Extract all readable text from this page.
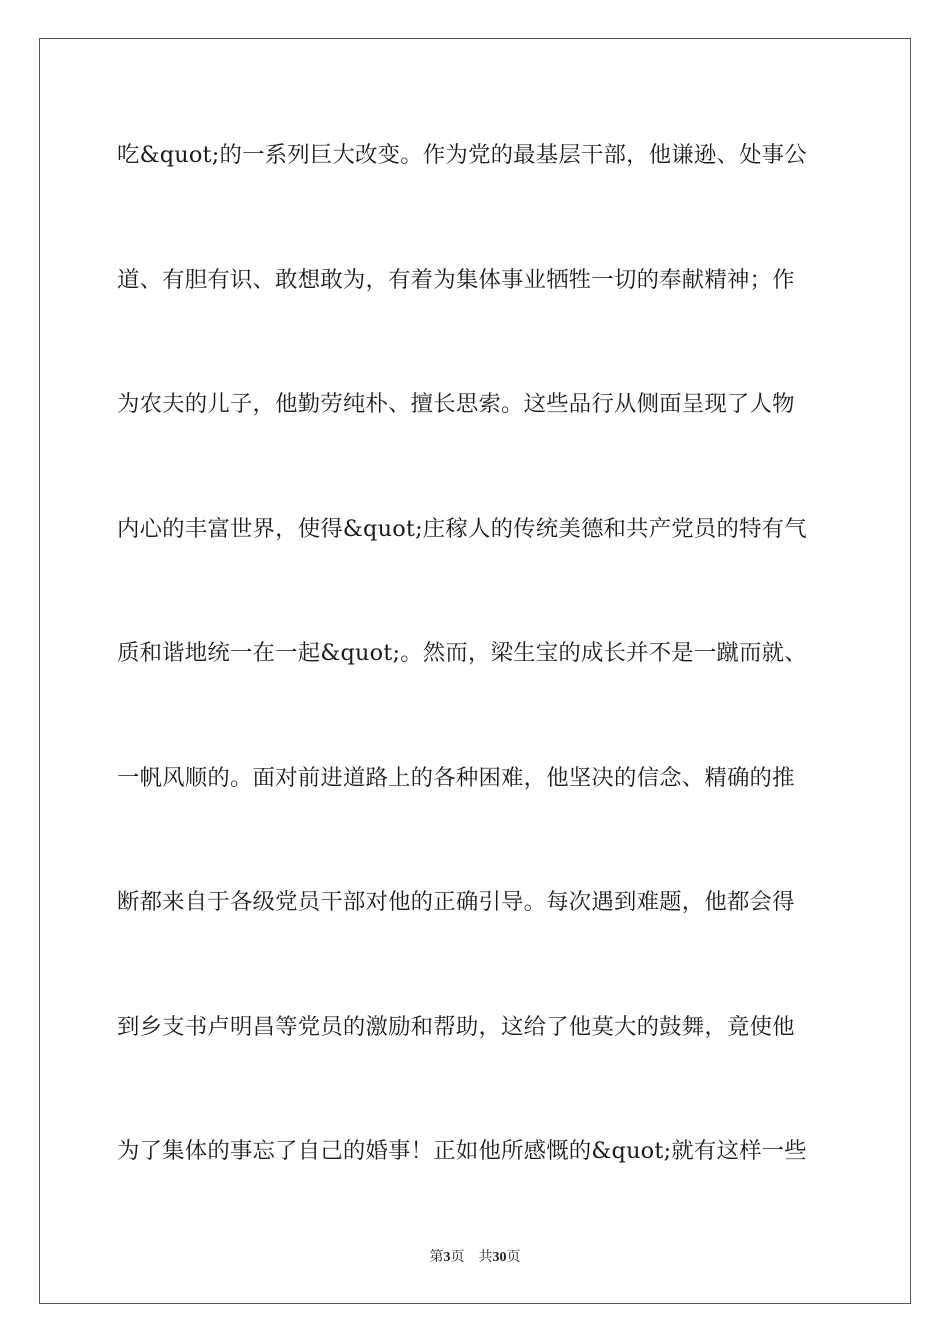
吃&quot;的一系列巨大改变。作为党的最基层干部，他谦逊、处事公
道、有胆有识、敢想敢为，有着为集体事业牺牲一切的奉献精神；作
为农夫的儿子，他勤劳纯朴、擅长思索。这些品行从侧面呈现了人物
内心的丰富世界，使得&quot;庄稼人的传统美德和共产党员的特有气
质和谐地统一在一起&quot;。然而，梁生宝的成长并不是一蹴而就、
一帆风顺的。面对前进道路上的各种困难，他坚决的信念、精确的推
断都来自于各级党员干部对他的正确引导。每次遇到难题，他都会得
到乡支书卢明昌等党员的激励和帮助，这给了他莫大的鼓舞，竟使他
为了集体的事忘了自己的婚事！正如他所感慨的&quot;就有这样一些
第3页 共30页
